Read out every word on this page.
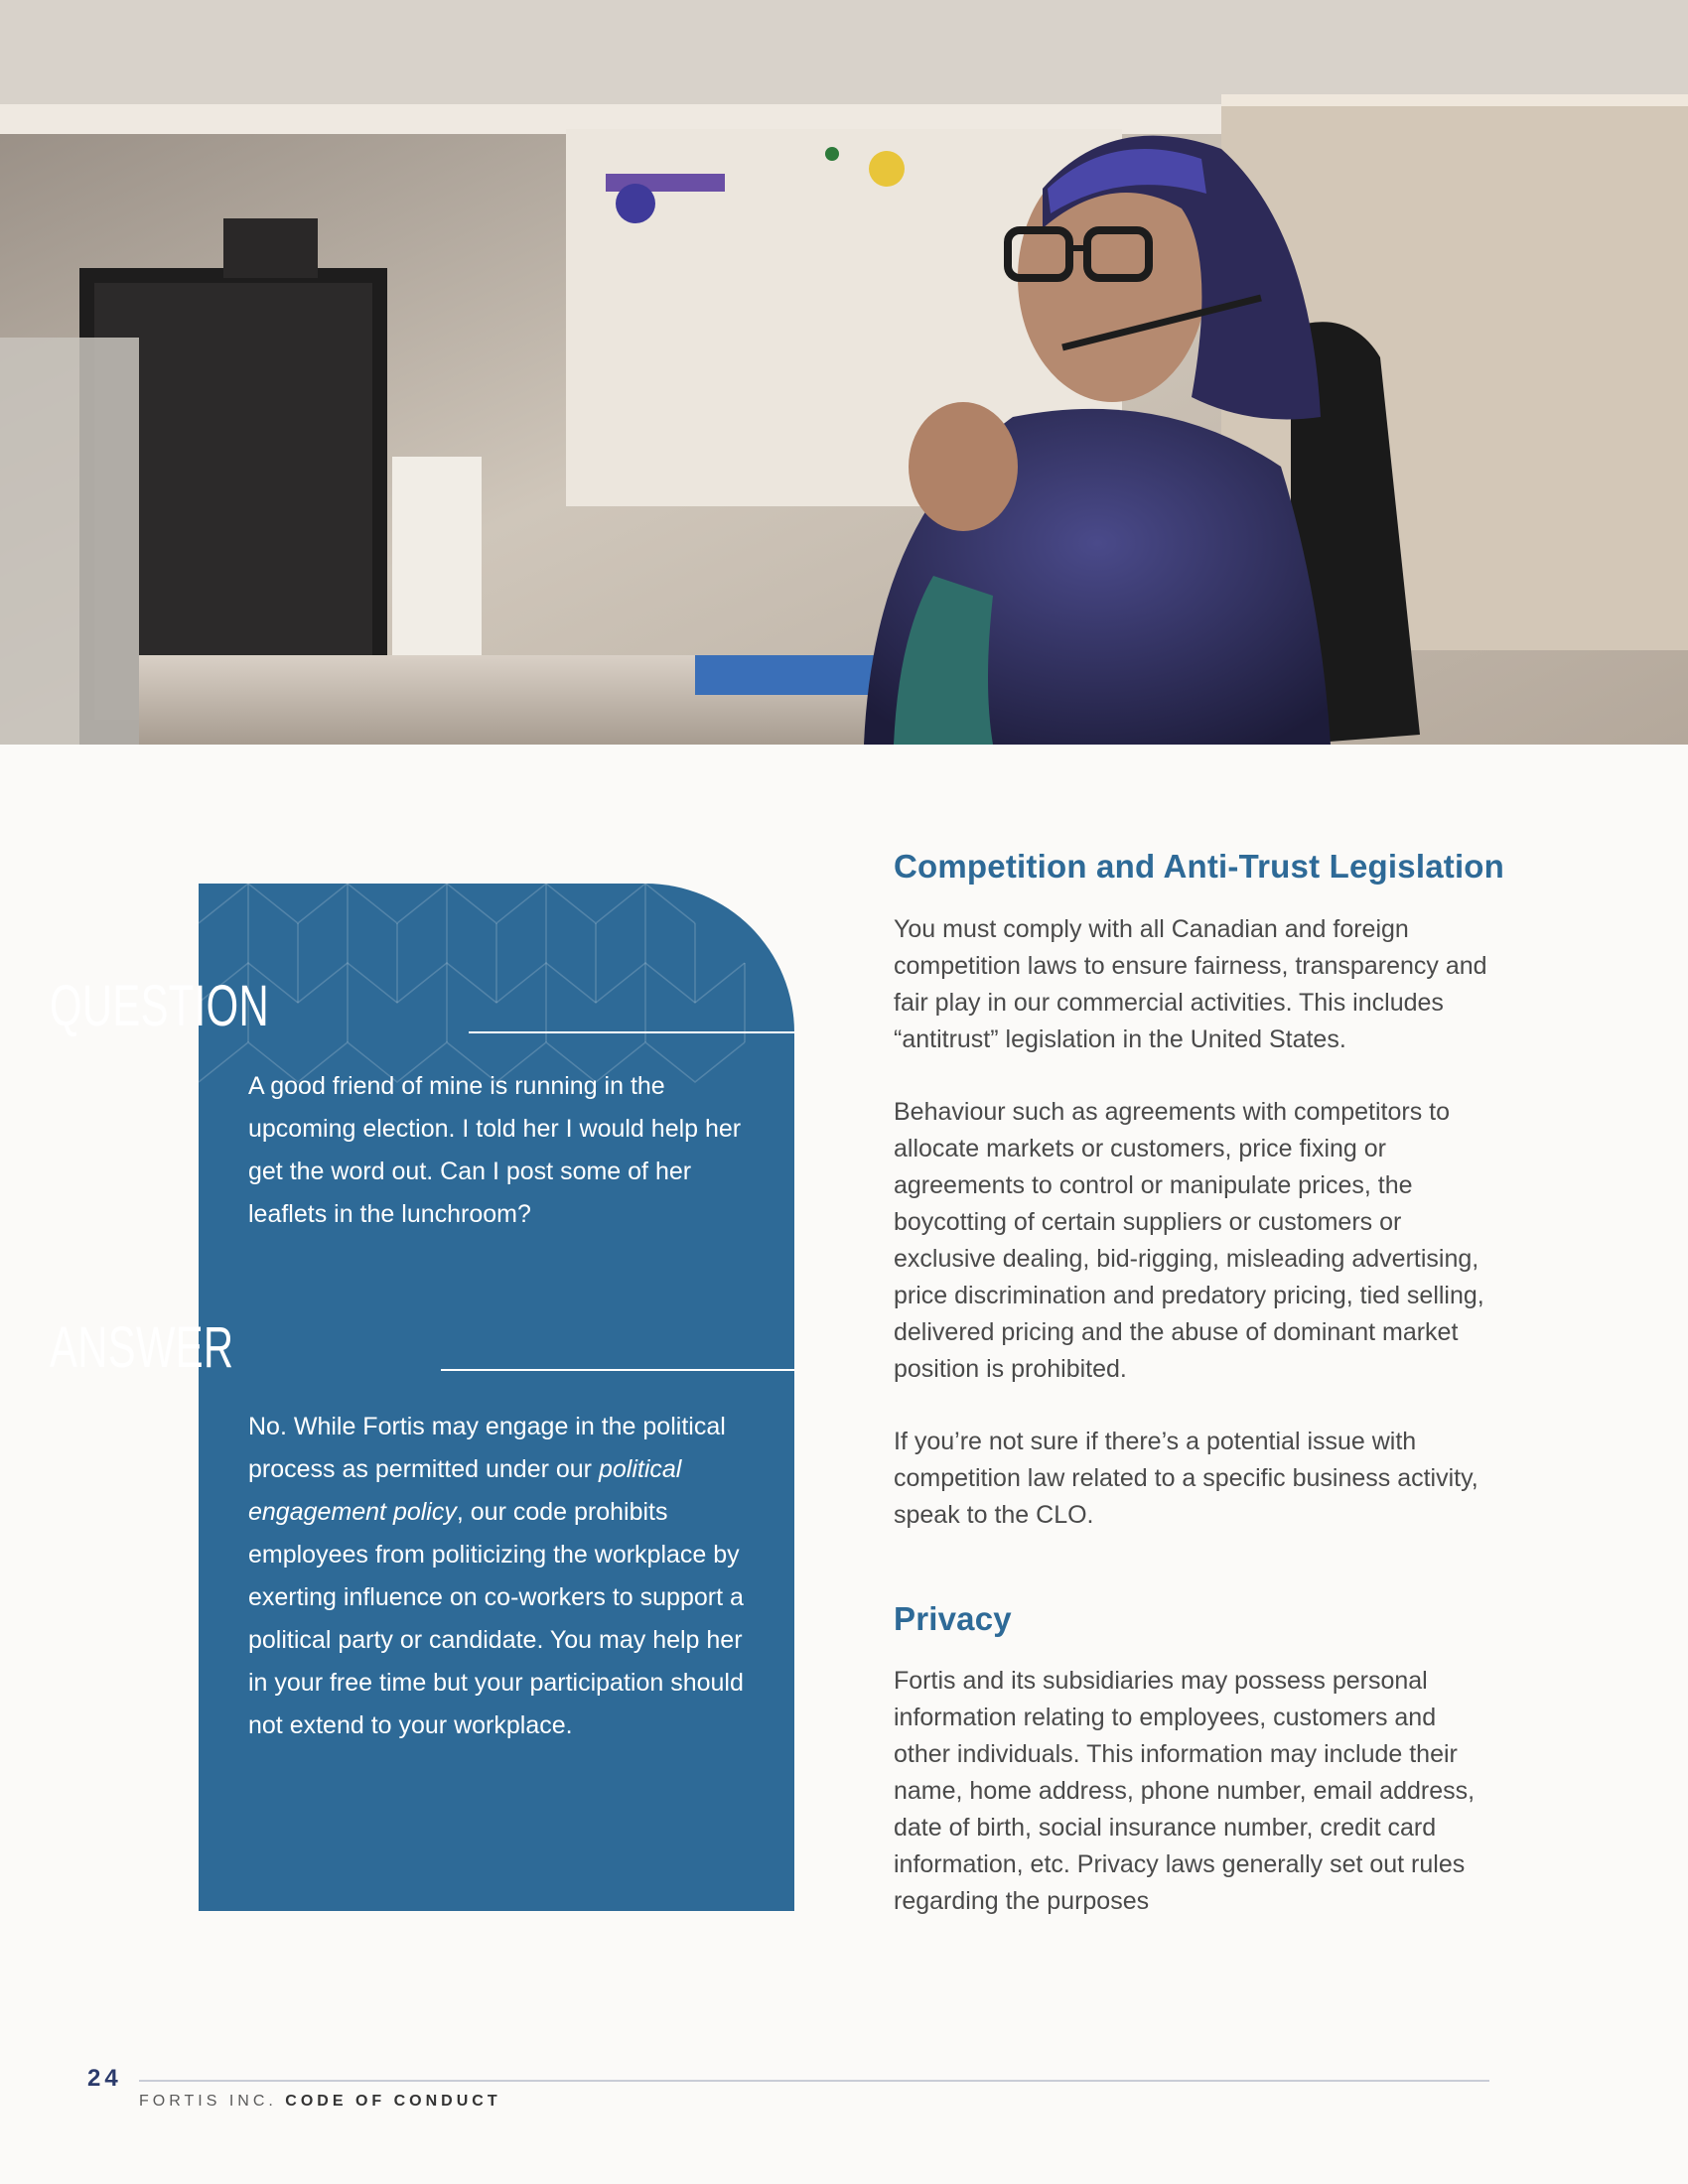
QUESTION

A good friend of mine is running in the upcoming election. I told her I would help her get the word out. Can I post some of her leaflets in the lunchroom?

ANSWER

No. While Fortis may engage in the political process as permitted under our political engagement policy, our code prohibits employees from politicizing the workplace by exerting influence on co-workers to support a political party or candidate. You may help her in your free time but your participation should not extend to your workplace.

Competition and Anti-Trust Legislation

You must comply with all Canadian and foreign competition laws to ensure fairness, transparency and fair play in our commercial activities. This includes “antitrust” legislation in the United States.

Behaviour such as agreements with competitors to allocate markets or customers, price fixing or agreements to control or manipulate prices, the boycotting of certain suppliers or customers or exclusive dealing, bid-rigging, misleading advertising, price discrimination and predatory pricing, tied selling, delivered pricing and the abuse of dominant market position is prohibited.

If you’re not sure if there’s a potential issue with competition law related to a specific business activity, speak to the CLO.

Privacy

Fortis and its subsidiaries may possess personal information relating to employees, customers and other individuals. This information may include their name, home address, phone number, email address, date of birth, social insurance number, credit card information, etc. Privacy laws generally set out rules regarding the purposes

24
FORTIS INC. CODE OF CONDUCT
